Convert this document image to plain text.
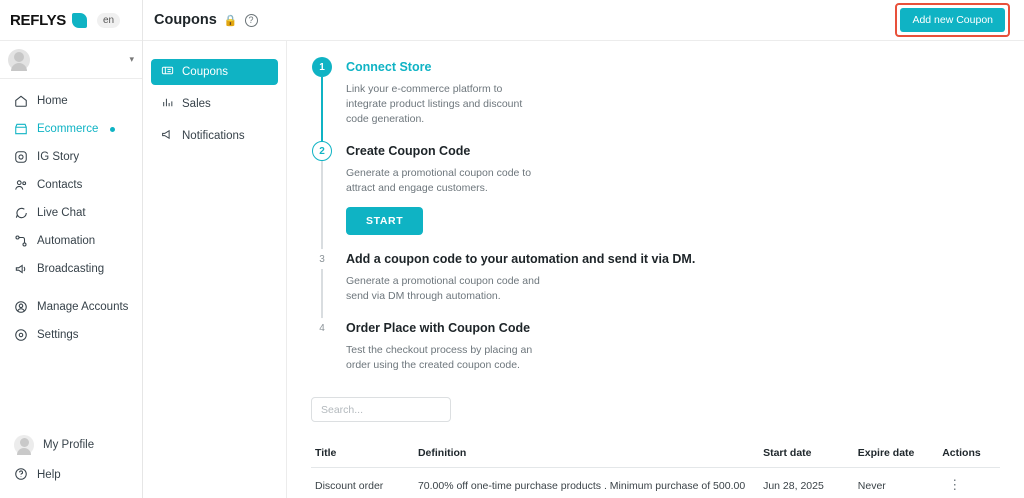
REFLYS	en
▾
Home
Ecommerce
IG Story
Contacts
Live Chat
Automation
Broadcasting
Manage Accounts
Settings
My Profile
Help
Coupons 🔒	?	Add new Coupon
Coupons
Sales
Notifications
1	Connect Store
Link your e-commerce platform to integrate product listings and discount code generation.
2	Create Coupon Code
Generate a promotional coupon code to attract and engage customers.
START
3	Add a coupon code to your automation and send it via DM.
Generate a promotional coupon code and send via DM through automation.
4	Order Place with Coupon Code
Test the checkout process by placing an order using the created coupon code.
Search...
Title	Definition	Start date	Expire date	Actions
Discount order	70.00% off one-time purchase products . Minimum purchase of 500.00	Jun 28, 2025	Never	⋮
